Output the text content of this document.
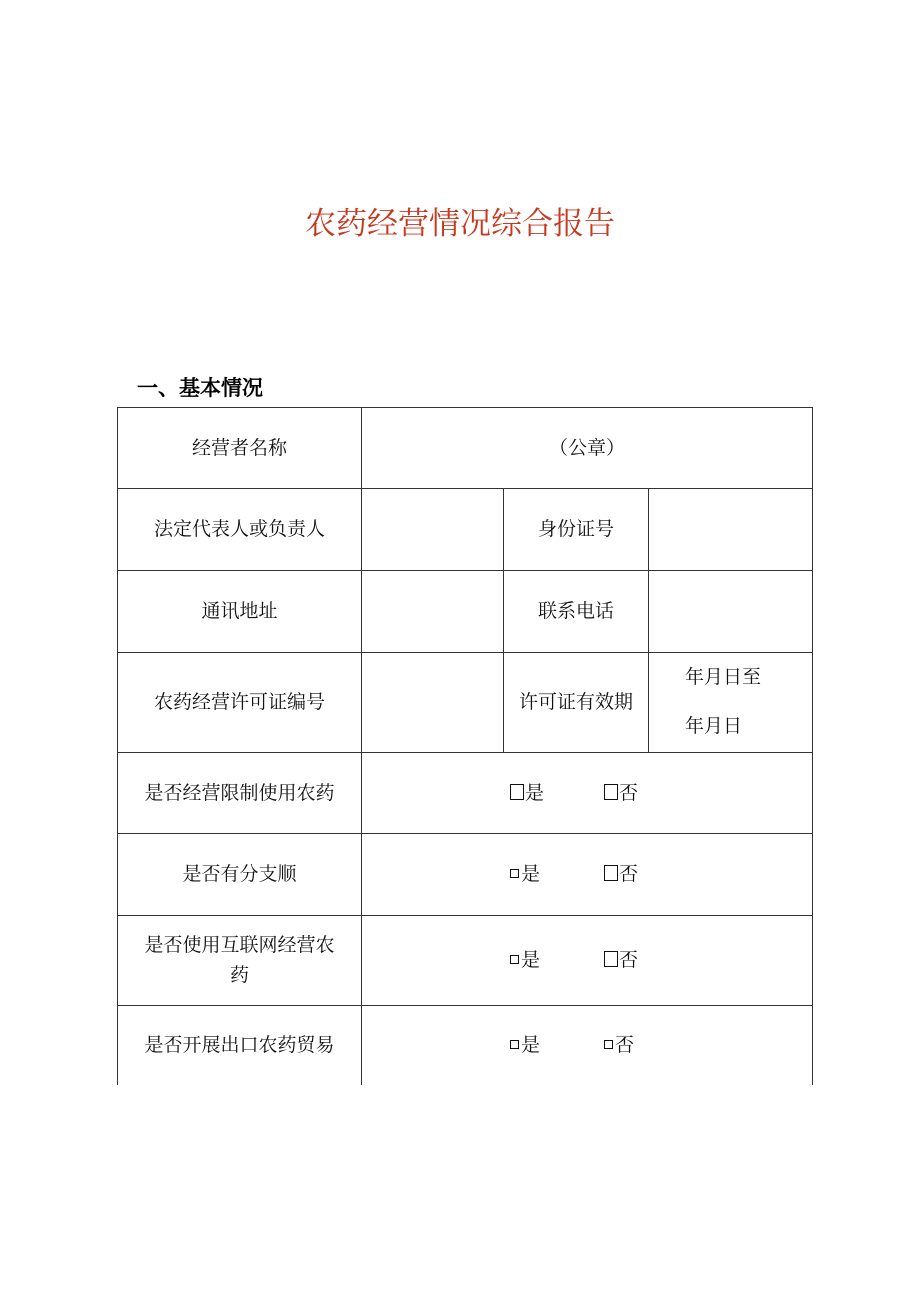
农药经营情况综合报告
一、基本情况
经营者名称	（公章）		
法定代表人或负责人		身份证号	
通讯地址		联系电话	
农药经营许可证编号		许可证有效期	年月日至
年月日

是否经营限制使用农药	是 否		
是否有分支顺	是 否		
是否使用互联网经营农
药	是 否		
是否开展出口农药贸易	是 否		
